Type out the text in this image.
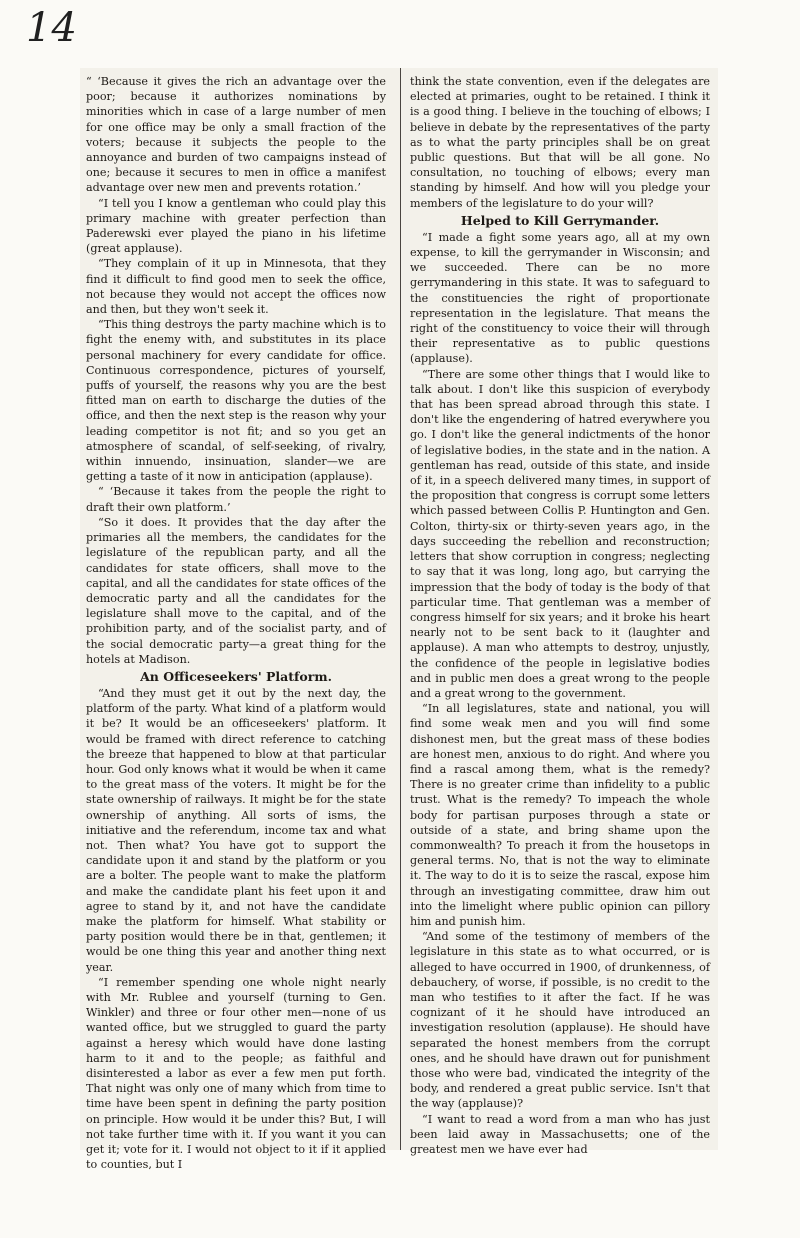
14

“ ‘Because it gives the rich an advantage over the poor; because it authorizes nominations by minorities which in case of a large number of men for one office may be only a small fraction of the voters; because it subjects the people to the annoyance and burden of two campaigns instead of one; because it secures to men in office a manifest advantage over new men and prevents rotation.’

“I tell you I know a gentleman who could play this primary machine with greater perfection than Paderewski ever played the piano in his lifetime (great applause).

“They complain of it up in Minnesota, that they find it difficult to find good men to seek the office, not because they would not accept the offices now and then, but they won't seek it.

“This thing destroys the party machine which is to fight the enemy with, and substitutes in its place personal machinery for every candidate for office. Continuous correspondence, pictures of yourself, puffs of yourself, the reasons why you are the best fitted man on earth to discharge the duties of the office, and then the next step is the reason why your leading competitor is not fit; and so you get an atmosphere of scandal, of self-seeking, of rivalry, within innuendo, insinuation, slander—we are getting a taste of it now in anticipation (applause).

“ ‘Because it takes from the people the right to draft their own platform.’

“So it does. It provides that the day after the primaries all the members, the candidates for the legislature of the republican party, and all the candidates for state officers, shall move to the capital, and all the candidates for state offices of the democratic party and all the candidates for the legislature shall move to the capital, and of the prohibition party, and of the socialist party, and of the social democratic party—a great thing for the hotels at Madison.

An Officeseekers' Platform.

“And they must get it out by the next day, the platform of the party. What kind of a platform would it be? It would be an officeseekers' platform. It would be framed with direct reference to catching the breeze that happened to blow at that particular hour. God only knows what it would be when it came to the great mass of the voters. It might be for the state ownership of railways. It might be for the state ownership of anything. All sorts of isms, the initiative and the referendum, income tax and what not. Then what? You have got to support the candidate upon it and stand by the platform or you are a bolter. The people want to make the platform and make the candidate plant his feet upon it and agree to stand by it, and not have the candidate make the platform for himself. What stability or party position would there be in that, gentlemen; it would be one thing this year and another thing next year.

“I remember spending one whole night nearly with Mr. Rublee and yourself (turning to Gen. Winkler) and three or four other men—none of us wanted office, but we struggled to guard the party against a heresy which would have done lasting harm to it and to the people; as faithful and disinterested a labor as ever a few men put forth. That night was only one of many which from time to time have been spent in defining the party position on principle. How would it be under this? But, I will not take further time with it. If you want it you can get it; vote for it. I would not object to it if it applied to counties, but I

think the state convention, even if the delegates are elected at primaries, ought to be retained. I think it is a good thing. I believe in the touching of elbows; I believe in debate by the representatives of the party as to what the party principles shall be on great public questions. But that will be all gone. No consultation, no touching of elbows; every man standing by himself. And how will you pledge your members of the legislature to do your will?

Helped to Kill Gerrymander.

“I made a fight some years ago, all at my own expense, to kill the gerrymander in Wisconsin; and we succeeded. There can be no more gerrymandering in this state. It was to safeguard to the constituencies the right of proportionate representation in the legislature. That means the right of the constituency to voice their will through their representative as to public questions (applause).

“There are some other things that I would like to talk about. I don't like this suspicion of everybody that has been spread abroad through this state. I don't like the engendering of hatred everywhere you go. I don't like the general indictments of the honor of legislative bodies, in the state and in the nation. A gentleman has read, outside of this state, and inside of it, in a speech delivered many times, in support of the proposition that congress is corrupt some letters which passed between Collis P. Huntington and Gen. Colton, thirty-six or thirty-seven years ago, in the days succeeding the rebellion and reconstruction; letters that show corruption in congress; neglecting to say that it was long, long ago, but carrying the impression that the body of today is the body of that particular time. That gentleman was a member of congress himself for six years; and it broke his heart nearly not to be sent back to it (laughter and applause). A man who attempts to destroy, unjustly, the confidence of the people in legislative bodies and in public men does a great wrong to the people and a great wrong to the government.

“In all legislatures, state and national, you will find some weak men and you will find some dishonest men, but the great mass of these bodies are honest men, anxious to do right. And where you find a rascal among them, what is the remedy? There is no greater crime than infidelity to a public trust. What is the remedy? To impeach the whole body for partisan purposes through a state or outside of a state, and bring shame upon the commonwealth? To preach it from the housetops in general terms. No, that is not the way to eliminate it. The way to do it is to seize the rascal, expose him through an investigating committee, draw him out into the limelight where public opinion can pillory him and punish him.

“And some of the testimony of members of the legislature in this state as to what occurred, or is alleged to have occurred in 1900, of drunkenness, of debauchery, of worse, if possible, is no credit to the man who testifies to it after the fact. If he was cognizant of it he should have introduced an investigation resolution (applause). He should have separated the honest members from the corrupt ones, and he should have drawn out for punishment those who were bad, vindicated the integrity of the body, and rendered a great public service. Isn't that the way (applause)?

“I want to read a word from a man who has just been laid away in Massachusetts; one of the greatest men we have ever had
